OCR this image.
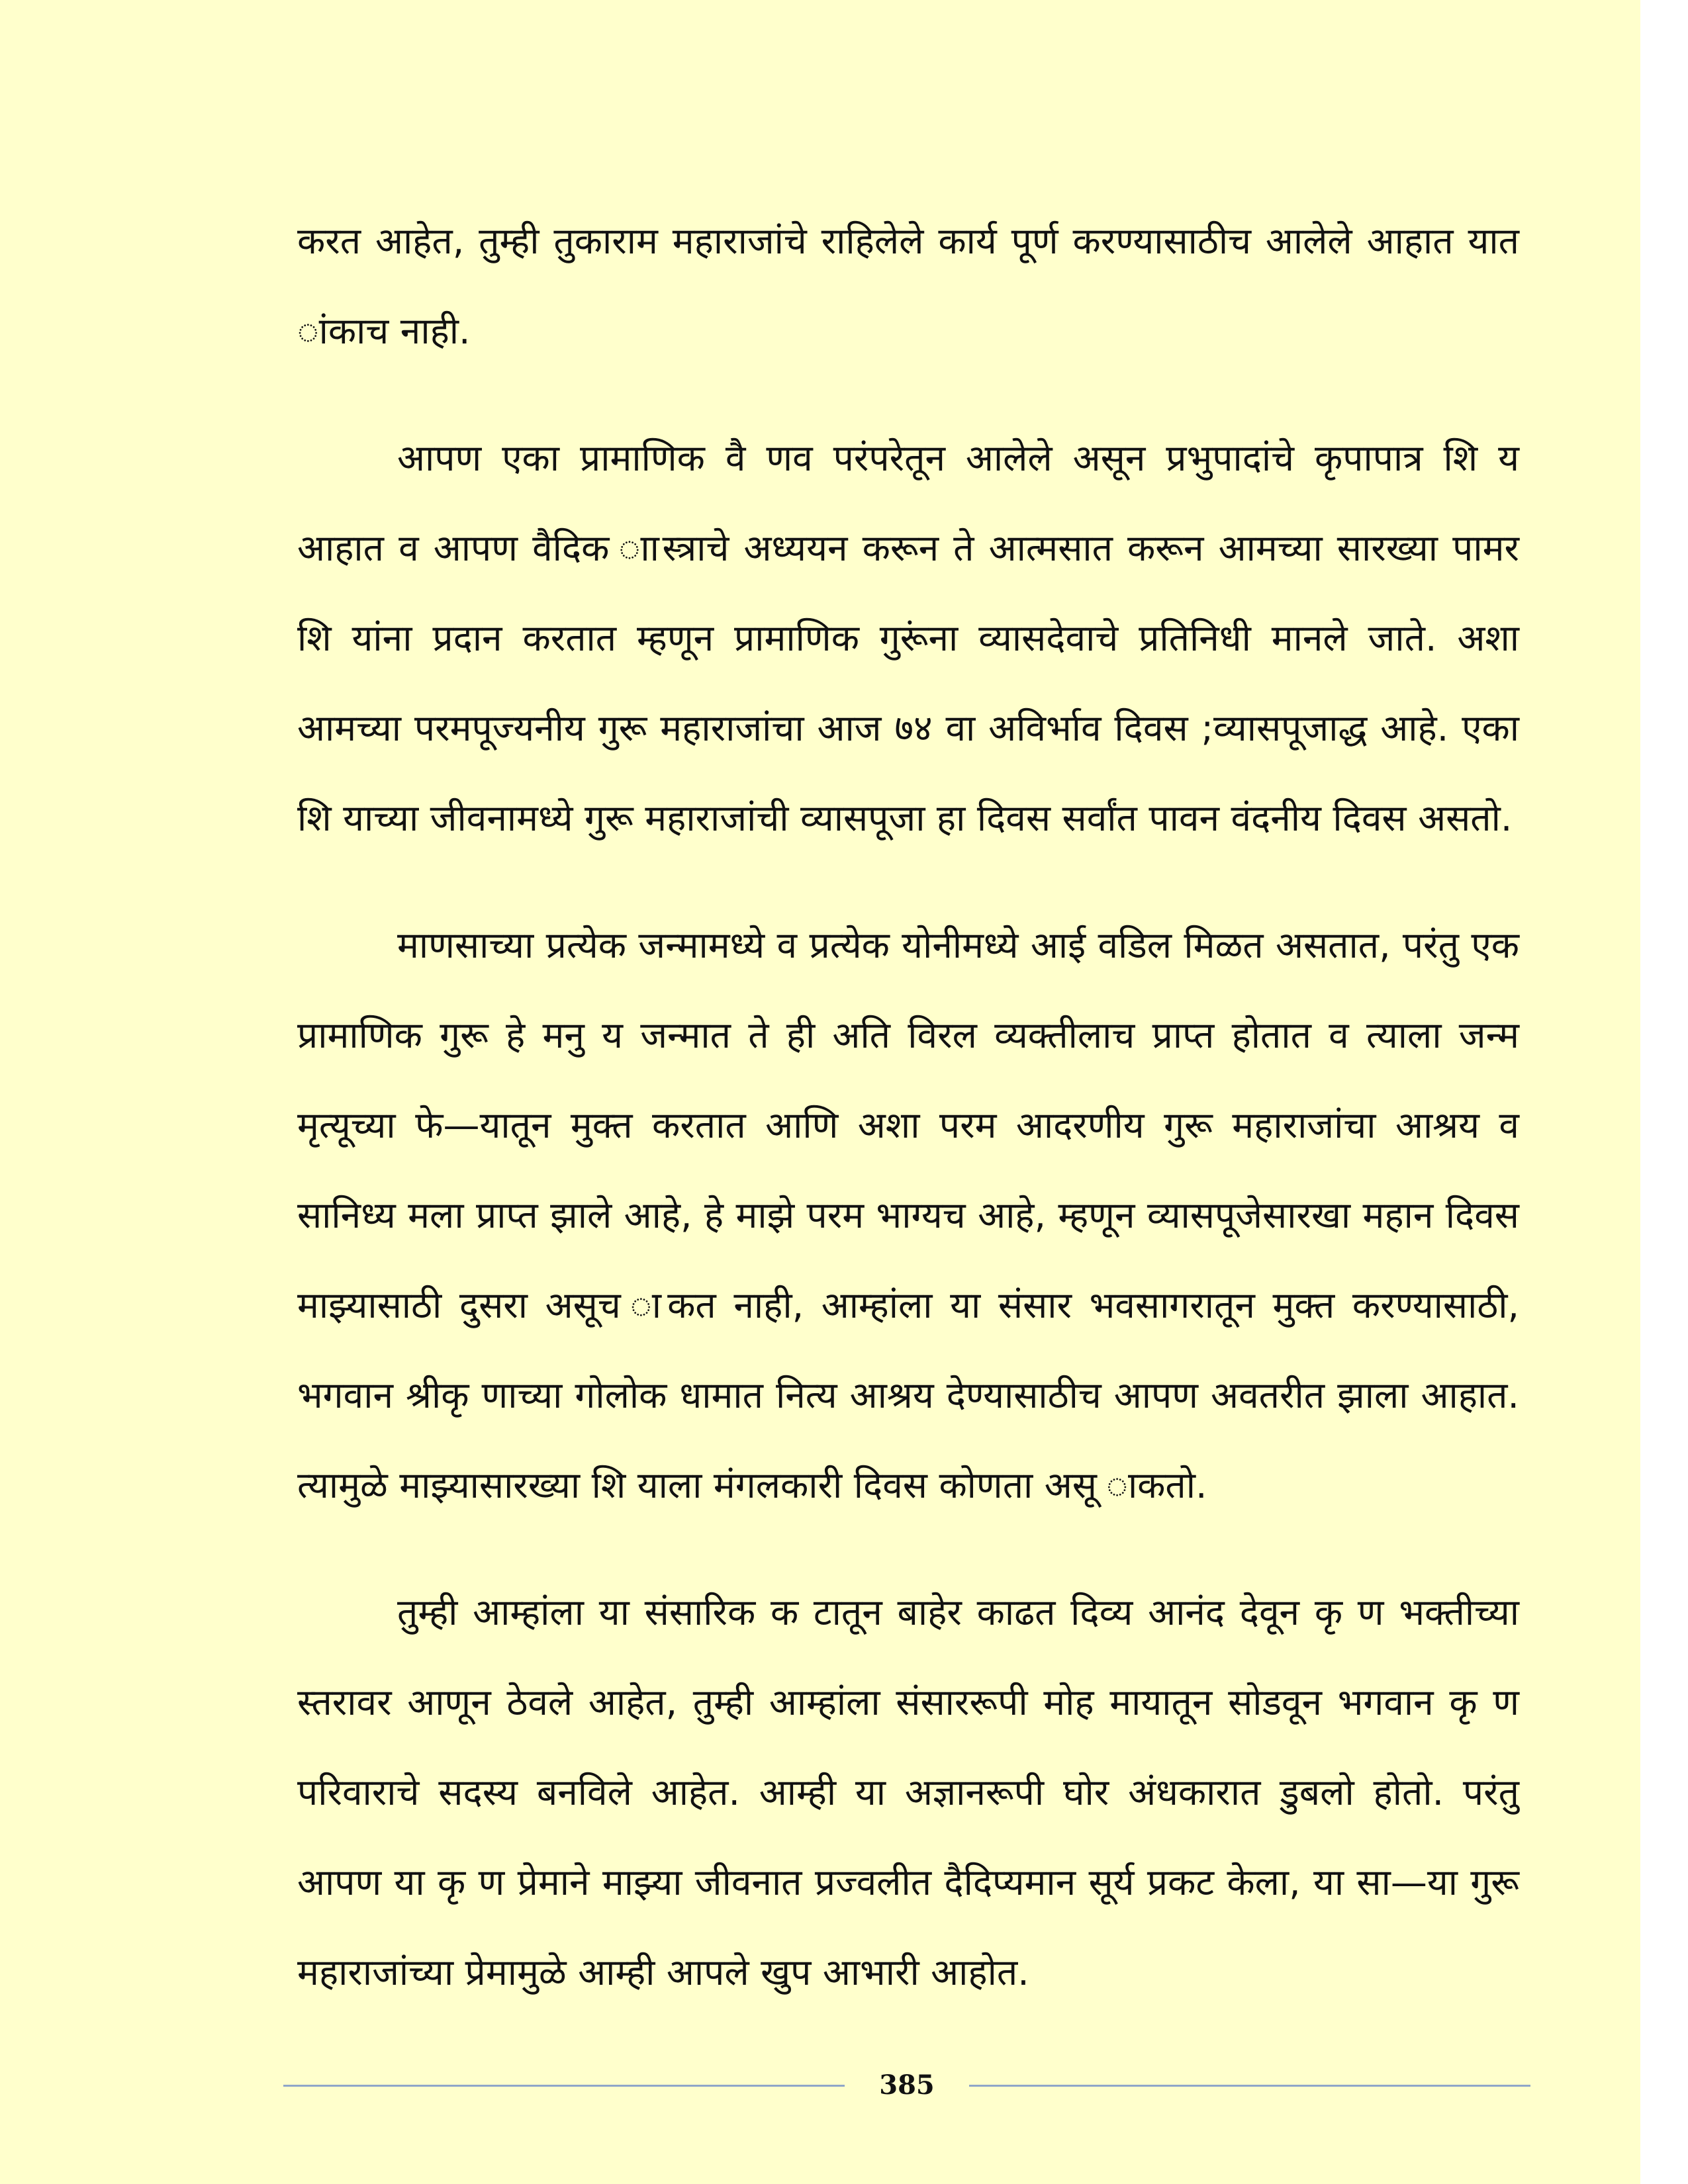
करत आहेत, तुम्ही तुकाराम महाराजांचे राहिलेले कार्य पूर्ण करण्यासाठीच आलेले आहात यात ांकाच नाही.

आपण एका प्रामाणिक वै णव परंपरेतून आलेले असून प्रभुपादांचे कृपापात्र शि य आहात व आपण वैदिक ाास्त्राचे अध्ययन करून ते आत्मसात करून आमच्या सारख्या पामर शि यांना प्रदान करतात म्हणून प्रामाणिक गुरूंना व्यासदेवाचे प्रतिनिधी मानले जाते. अशा आमच्या परमपूज्यनीय गुरू महाराजांचा आज ७४ वा अविर्भाव दिवस ;व्यासपूजाद्ध आहे. एका शि याच्या जीवनामध्ये गुरू महाराजांची व्यासपूजा हा दिवस सर्वांत पावन वंदनीय दिवस असतो.

माणसाच्या प्रत्येक जन्मामध्ये व प्रत्येक योनीमध्ये आई वडिल मिळत असतात, परंतु एक प्रामाणिक गुरू हे मनु य जन्मात ते ही अति विरल व्यक्तीलाच प्राप्त होतात व त्याला जन्म मृत्यूच्या फे—यातून मुक्त करतात आणि अशा परम आदरणीय गुरू महाराजांचा आश्रय व सानिध्य मला प्राप्त झाले आहे, हे माझे परम भाग्यच आहे, म्हणून व्यासपूजेसारखा महान दिवस माझ्यासाठी दुसरा असूच ाकत नाही, आम्हांला या संसार भवसागरातून मुक्त करण्यासाठी, भगवान श्रीकृ णाच्या गोलोक धामात नित्य आश्रय देण्यासाठीच आपण अवतरीत झाला आहात. त्यामुळे माझ्यासारख्या शि याला मंगलकारी दिवस कोणता असू ाकतो.

तुम्ही आम्हांला या संसारिक क टातून बाहेर काढत दिव्य आनंद देवून कृ ण भक्तीच्या स्तरावर आणून ठेवले आहेत, तुम्ही आम्हांला संसाररूपी मोह मायातून सोडवून भगवान कृ ण परिवाराचे सदस्य बनविले आहेत. आम्ही या अज्ञानरूपी घोर अंधकारात डुबलो होतो. परंतु आपण या कृ ण प्रेमाने माझ्या जीवनात प्रज्वलीत दैदिप्यमान सूर्य प्रकट केला, या सा—या गुरू महाराजांच्या प्रेमामुळे आम्ही आपले खुप आभारी आहोत.

385
